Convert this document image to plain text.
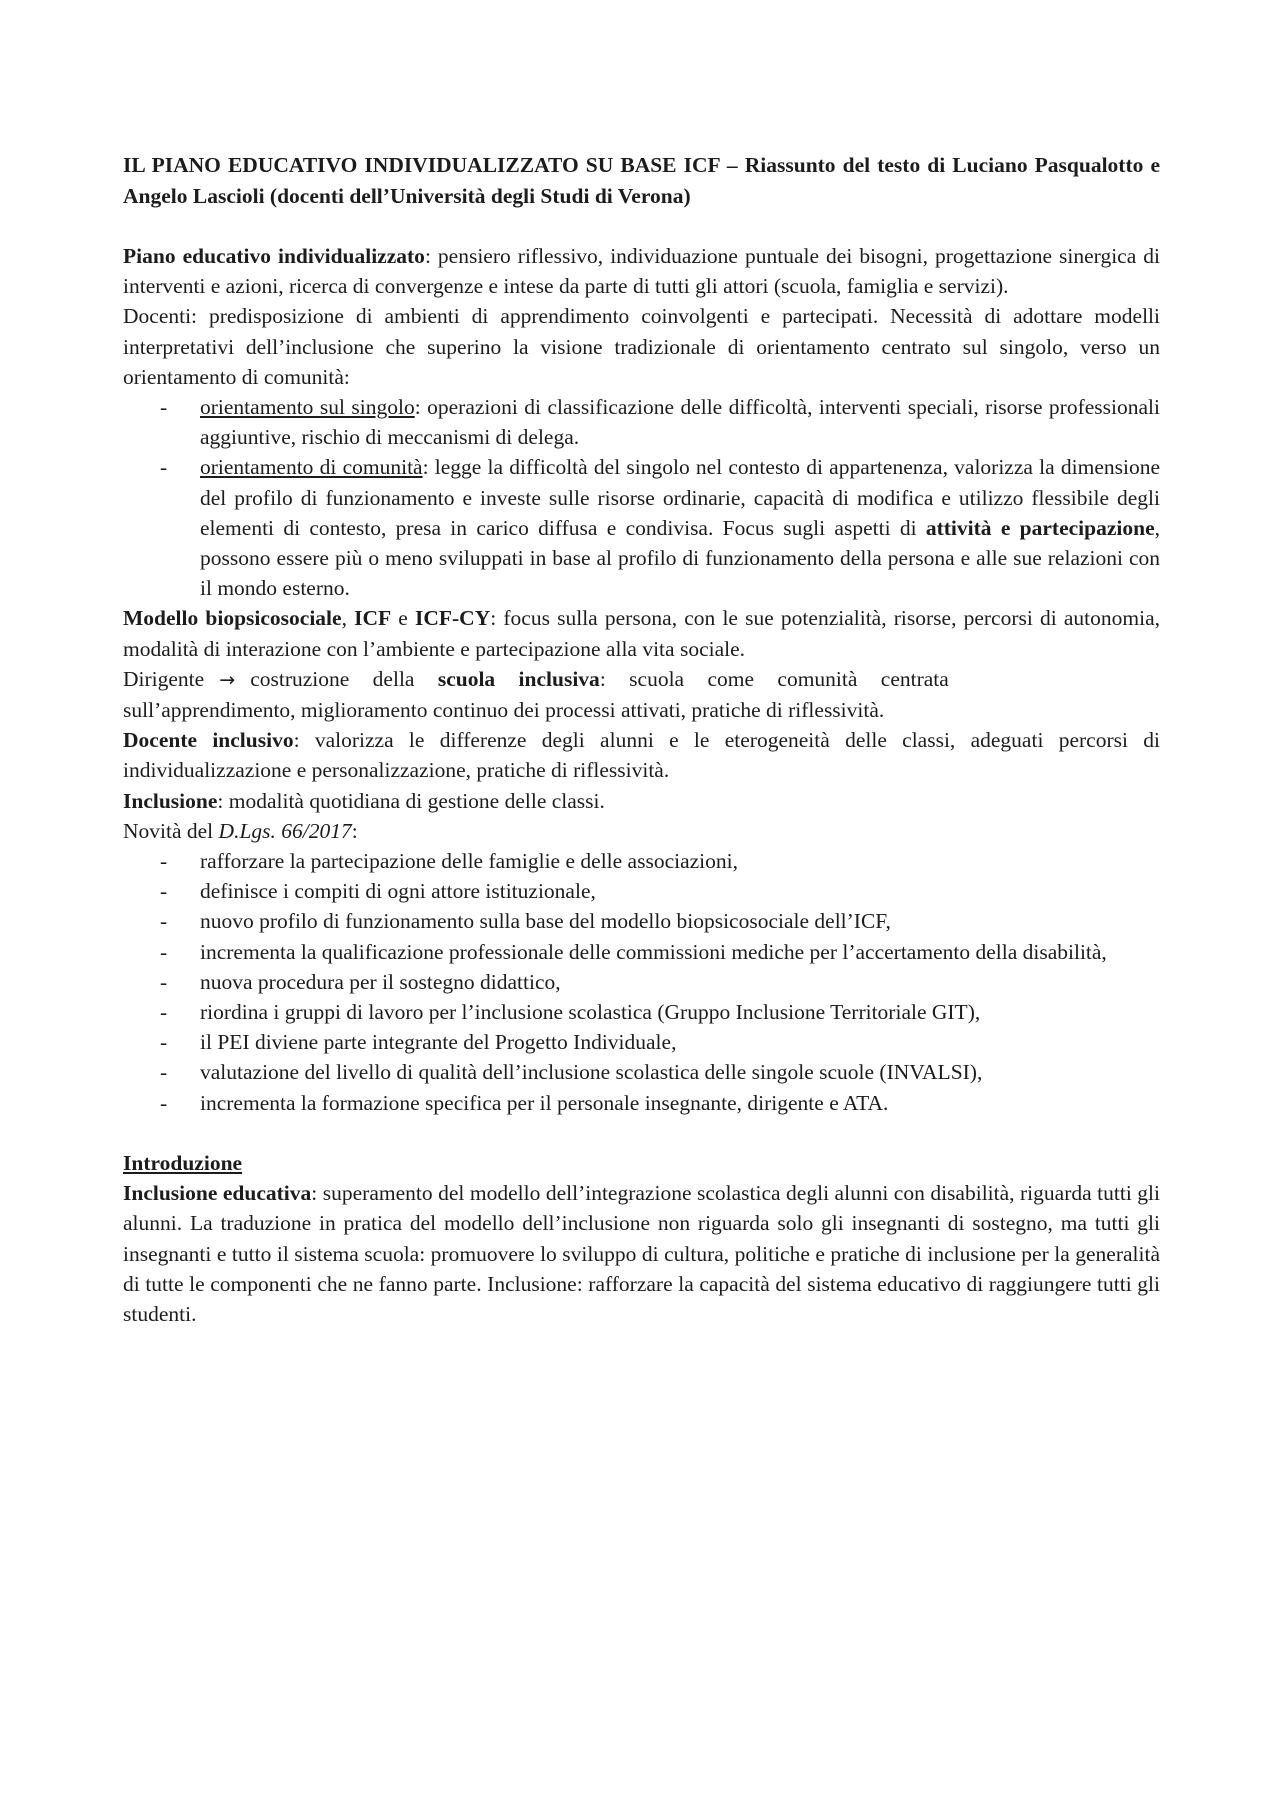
IL PIANO EDUCATIVO INDIVIDUALIZZATO SU BASE ICF – Riassunto del testo di Luciano Pasqualotto e Angelo Lascioli (docenti dell’Università degli Studi di Verona)

Piano educativo individualizzato: pensiero riflessivo, individuazione puntuale dei bisogni, progettazione sinergica di interventi e azioni, ricerca di convergenze e intese da parte di tutti gli attori (scuola, famiglia e servizi).

Docenti: predisposizione di ambienti di apprendimento coinvolgenti e partecipati. Necessità di adottare modelli interpretativi dell’inclusione che superino la visione tradizionale di orientamento centrato sul singolo, verso un orientamento di comunità:

- orientamento sul singolo: operazioni di classificazione delle difficoltà, interventi speciali, risorse professionali aggiuntive, rischio di meccanismi di delega.
- orientamento di comunità: legge la difficoltà del singolo nel contesto di appartenenza, valorizza la dimensione del profilo di funzionamento e investe sulle risorse ordinarie, capacità di modifica e utilizzo flessibile degli elementi di contesto, presa in carico diffusa e condivisa. Focus sugli aspetti di attività e partecipazione, possono essere più o meno sviluppati in base al profilo di funzionamento della persona e alle sue relazioni con il mondo esterno.

Modello biopsicosociale, ICF e ICF-CY: focus sulla persona, con le sue potenzialità, risorse, percorsi di autonomia, modalità di interazione con l’ambiente e partecipazione alla vita sociale.

Dirigente → costruzione della scuola inclusiva: scuola come comunità centrata

sull’apprendimento, miglioramento continuo dei processi attivati, pratiche di riflessività.

Docente inclusivo: valorizza le differenze degli alunni e le eterogeneità delle classi, adeguati percorsi di individualizzazione e personalizzazione, pratiche di riflessività.

Inclusione: modalità quotidiana di gestione delle classi.

Novità del D.Lgs. 66/2017:

- rafforzare la partecipazione delle famiglie e delle associazioni,
- definisce i compiti di ogni attore istituzionale,
- nuovo profilo di funzionamento sulla base del modello biopsicosociale dell’ICF,
- incrementa la qualificazione professionale delle commissioni mediche per l’accertamento della disabilità,
- nuova procedura per il sostegno didattico,
- riordina i gruppi di lavoro per l’inclusione scolastica (Gruppo Inclusione Territoriale GIT),
- il PEI diviene parte integrante del Progetto Individuale,
- valutazione del livello di qualità dell’inclusione scolastica delle singole scuole (INVALSI),
- incrementa la formazione specifica per il personale insegnante, dirigente e ATA.

Introduzione

Inclusione educativa: superamento del modello dell’integrazione scolastica degli alunni con disabilità, riguarda tutti gli alunni. La traduzione in pratica del modello dell’inclusione non riguarda solo gli insegnanti di sostegno, ma tutti gli insegnanti e tutto il sistema scuola: promuovere lo sviluppo di cultura, politiche e pratiche di inclusione per la generalità di tutte le componenti che ne fanno parte. Inclusione: rafforzare la capacità del sistema educativo di raggiungere tutti gli studenti.
